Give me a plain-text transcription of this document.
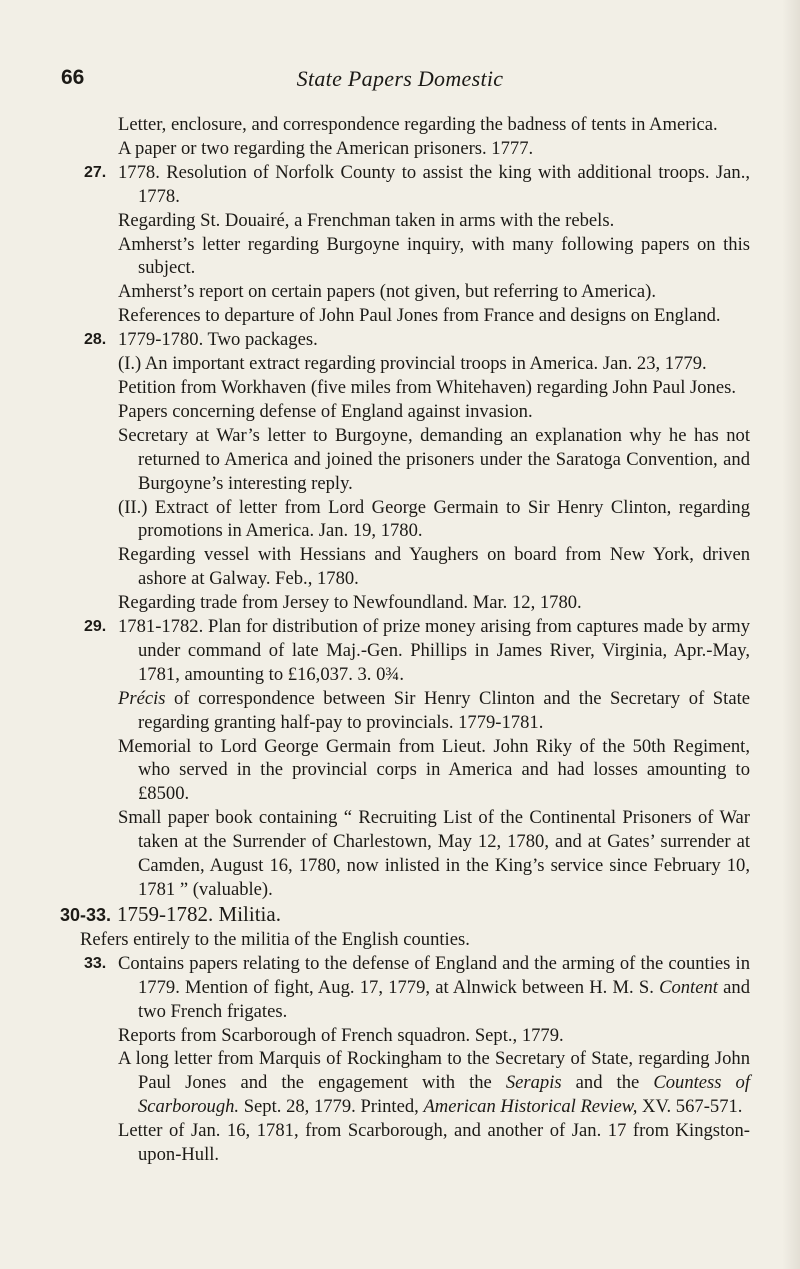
66	State Papers Domestic

Letter, enclosure, and correspondence regarding the badness of tents in America.

A paper or two regarding the American prisoners. 1777.

27. 1778. Resolution of Norfolk County to assist the king with additional troops. Jan., 1778.

Regarding St. Douairé, a Frenchman taken in arms with the rebels.

Amherst’s letter regarding Burgoyne inquiry, with many following papers on this subject.

Amherst’s report on certain papers (not given, but referring to America).

References to departure of John Paul Jones from France and designs on England.

28. 1779-1780. Two packages.

(I.) An important extract regarding provincial troops in America. Jan. 23, 1779.

Petition from Workhaven (five miles from Whitehaven) regarding John Paul Jones.

Papers concerning defense of England against invasion.

Secretary at War’s letter to Burgoyne, demanding an explanation why he has not returned to America and joined the prisoners under the Saratoga Convention, and Burgoyne’s interesting reply.

(II.) Extract of letter from Lord George Germain to Sir Henry Clinton, regarding promotions in America. Jan. 19, 1780.

Regarding vessel with Hessians and Yaughers on board from New York, driven ashore at Galway. Feb., 1780.

Regarding trade from Jersey to Newfoundland. Mar. 12, 1780.

29. 1781-1782. Plan for distribution of prize money arising from captures made by army under command of late Maj.-Gen. Phillips in James River, Virginia, Apr.-May, 1781, amounting to £16,037. 3. 0¾.

Précis of correspondence between Sir Henry Clinton and the Secretary of State regarding granting half-pay to provincials. 1779-1781.

Memorial to Lord George Germain from Lieut. John Riky of the 50th Regiment, who served in the provincial corps in America and had losses amounting to £8500.

Small paper book containing “ Recruiting List of the Continental Prisoners of War taken at the Surrender of Charlestown, May 12, 1780, and at Gates’ surrender at Camden, August 16, 1780, now inlisted in the King’s service since February 10, 1781 ” (valuable).

30-33. 1759-1782. Militia.

Refers entirely to the militia of the English counties.

33. Contains papers relating to the defense of England and the arming of the counties in 1779. Mention of fight, Aug. 17, 1779, at Alnwick between H. M. S. Content and two French frigates.

Reports from Scarborough of French squadron. Sept., 1779.

A long letter from Marquis of Rockingham to the Secretary of State, regarding John Paul Jones and the engagement with the Serapis and the Countess of Scarborough. Sept. 28, 1779. Printed, American Historical Review, XV. 567-571.

Letter of Jan. 16, 1781, from Scarborough, and another of Jan. 17 from Kingston-upon-Hull.
